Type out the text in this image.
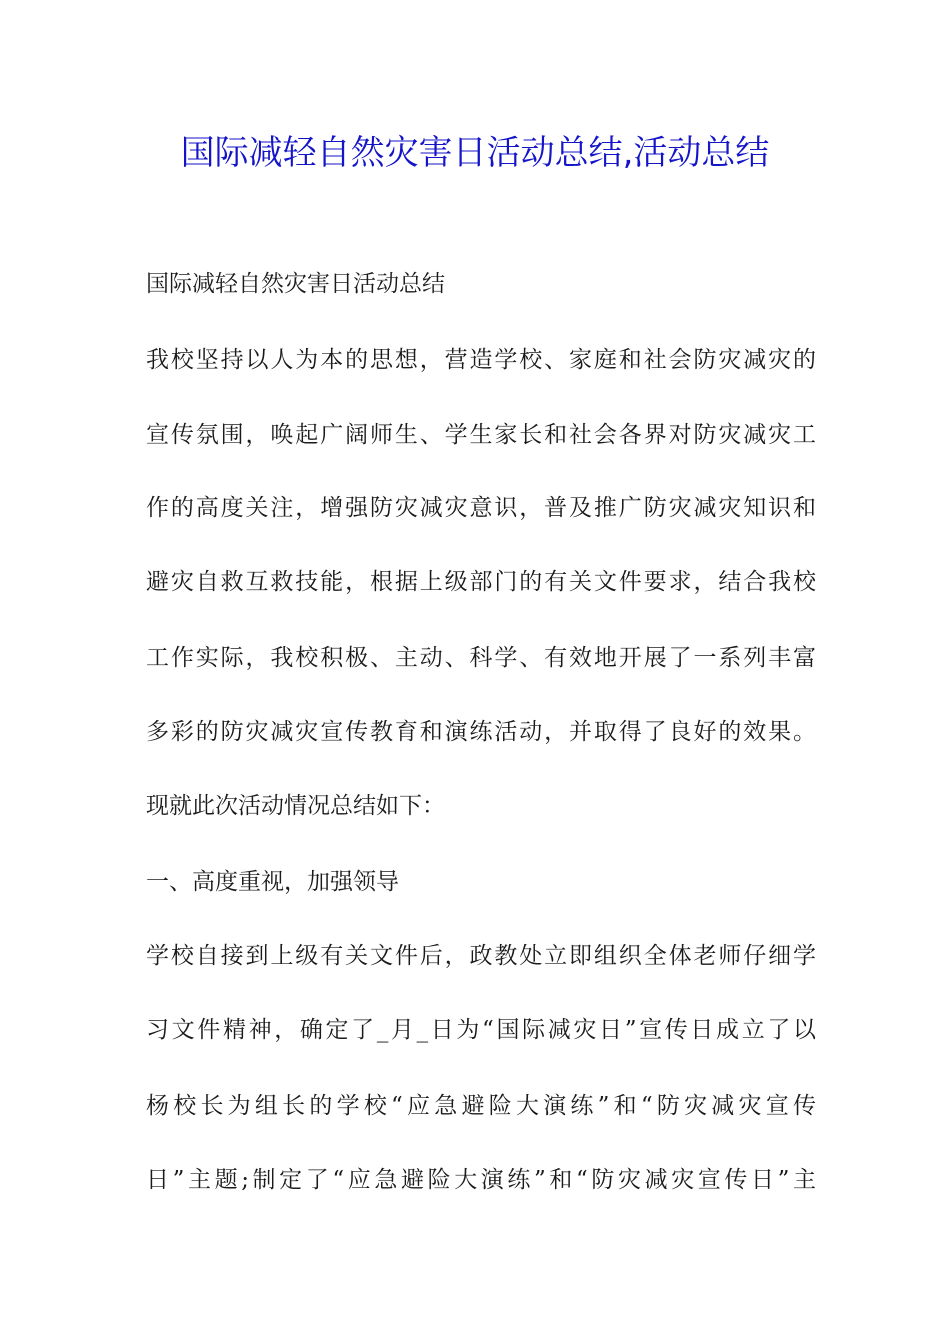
国际减轻自然灾害日活动总结,活动总结

国际减轻自然灾害日活动总结

我校坚持以人为本的思想，营造学校、家庭和社会防灾减灾的

宣传氛围，唤起广阔师生、学生家长和社会各界对防灾减灾工

作的高度关注，增强防灾减灾意识，普及推广防灾减灾知识和

避灾自救互救技能，根据上级部门的有关文件要求，结合我校

工作实际，我校积极、主动、科学、有效地开展了一系列丰富

多彩的防灾减灾宣传教育和演练活动，并取得了良好的效果。

现就此次活动情况总结如下：

一、高度重视，加强领导

学校自接到上级有关文件后，政教处立即组织全体老师仔细学

习文件精神，确定了_月_日为“国际减灾日”宣传日成立了以

杨校长为组长的学校“应急避险大演练”和“防灾减灾宣传

日”主题;制定了“应急避险大演练”和“防灾减灾宣传日”主
